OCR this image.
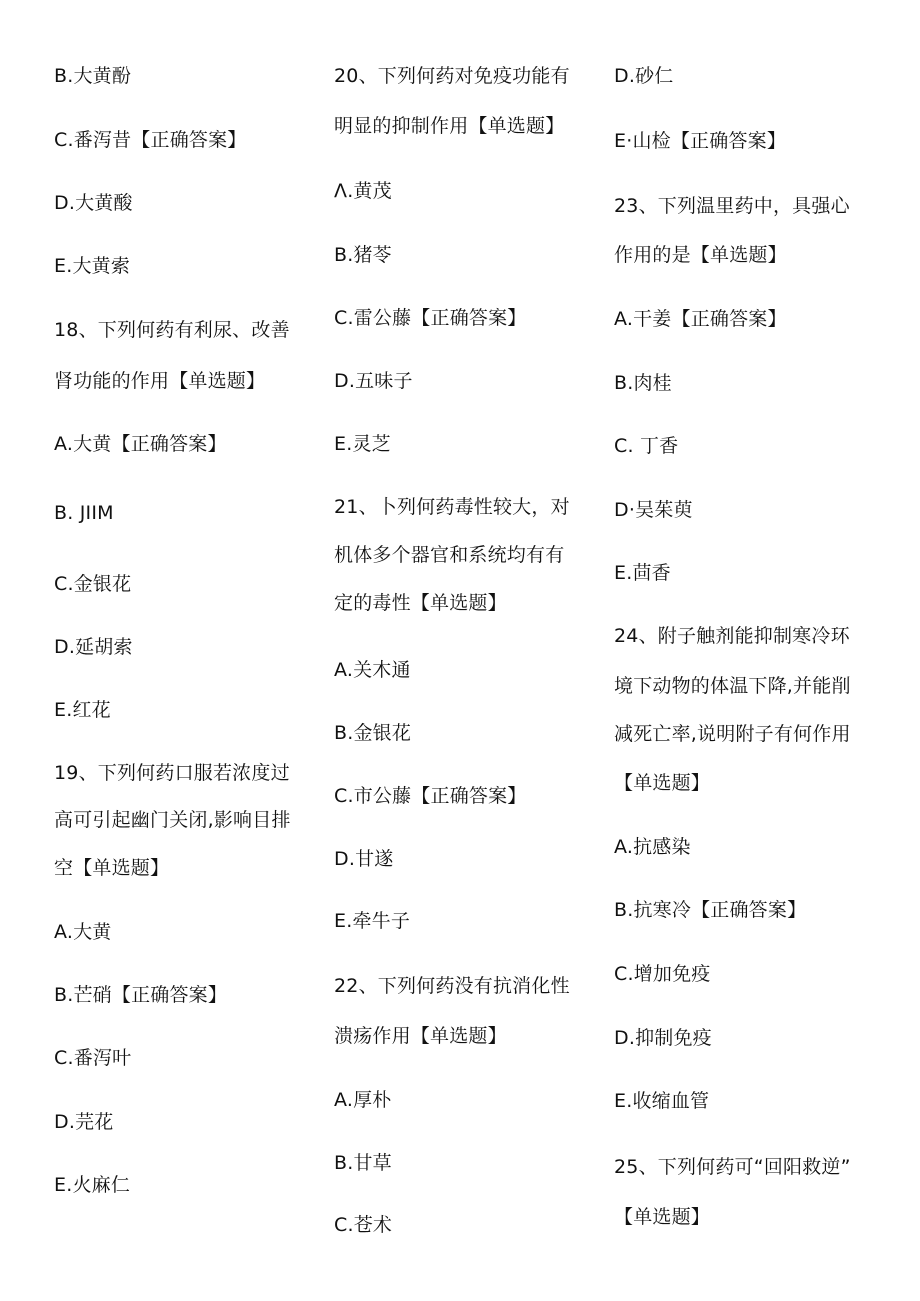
B.大黄酚
C.番泻昔【正确答案】
D.大黄酸
E.大黄索
18、下列何药有利尿、改善
肾功能的作用【单选题】
A.大黄【正确答案】
B. JIIM
C.金银花
D.延胡索
E.红花
19、下列何药口服若浓度过
高可引起幽门关闭,影响目排
空【单选题】
A.大黄
B.芒硝【正确答案】
C.番泻叶
D.芫花
E.火麻仁
20、下列何药对免疫功能有
明显的抑制作用【单选题】
Λ.黄茂
B.猪苓
C.雷公藤【正确答案】
D.五味子
E.灵芝
21、卜列何药毒性较大，对
机体多个器官和系统均有有
定的毒性【单选题】
A.关木通
B.金银花
C.市公藤【正确答案】
D.甘遂
E.牵牛子
22、下列何药没有抗消化性
溃疡作用【单选题】
A.厚朴
B.甘草
C.苍术
D.砂仁
E·山检【正确答案】
23、下列温里药中，具强心
作用的是【单选题】
A.干姜【正确答案】
B.肉桂
C. 丁香
D·吴茱萸
E.茴香
24、附子触剂能抑制寒冷环
境下动物的体温下降,并能削
减死亡率,说明附子有何作用
【单选题】
A.抗感染
B.抗寒冷【正确答案】
C.增加免疫
D.抑制免疫
E.收缩血管
25、下列何药可“回阳救逆”
【单选题】
